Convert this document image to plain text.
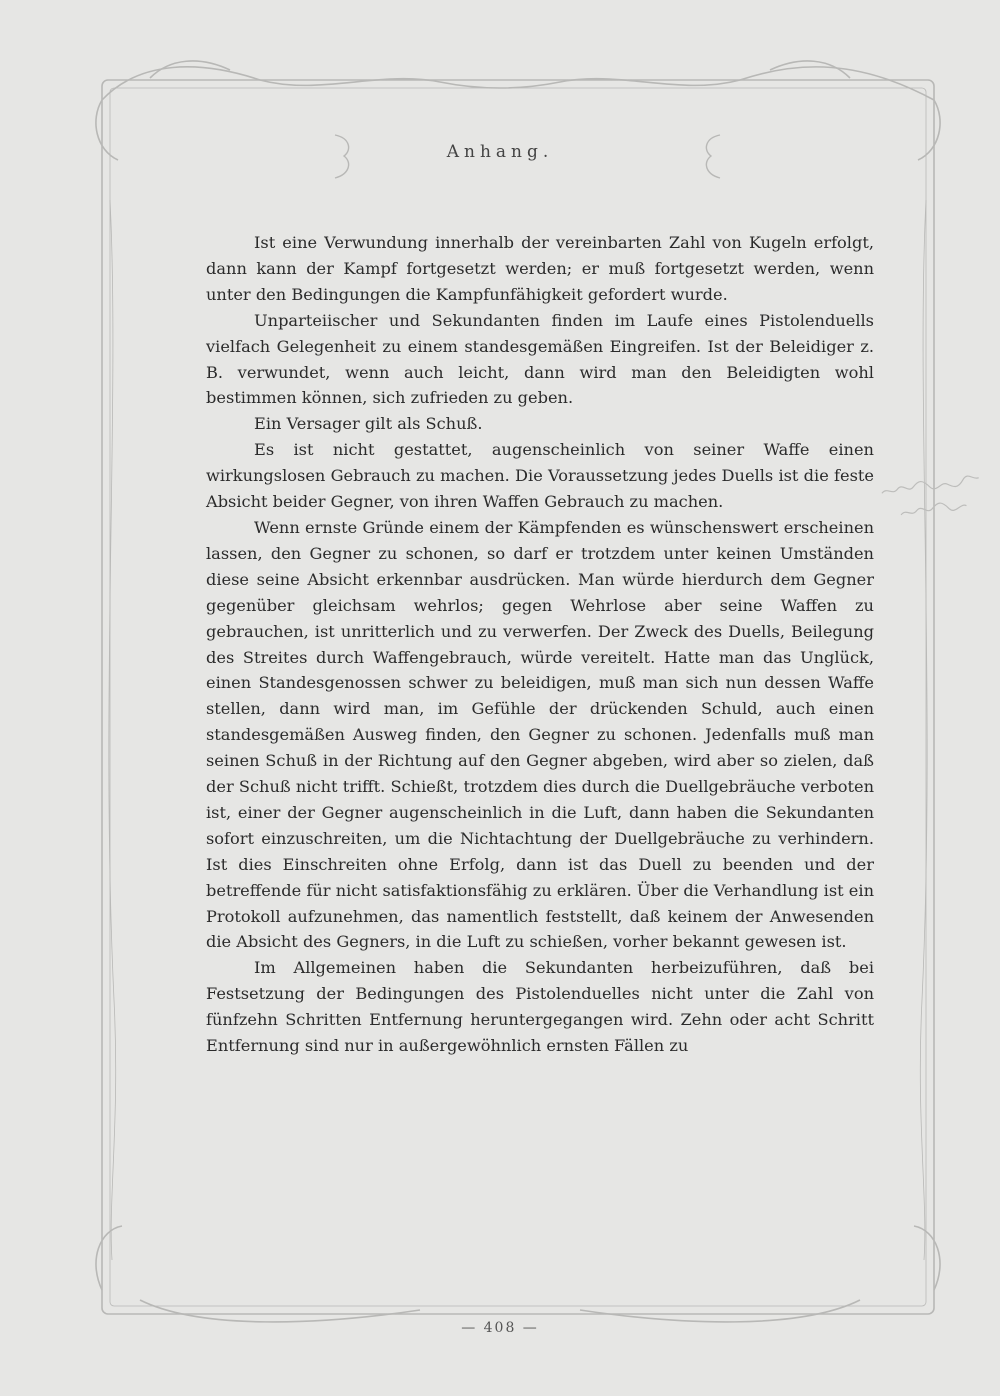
Anhang.

Ist eine Verwundung innerhalb der vereinbarten Zahl von Kugeln erfolgt, dann kann der Kampf fortgesetzt werden; er muß fortgesetzt werden, wenn unter den Bedingungen die Kampfunfähigkeit gefordert wurde.

Unparteiischer und Sekundanten finden im Laufe eines Pistolenduells vielfach Gelegenheit zu einem standesgemäßen Eingreifen. Ist der Beleidiger z. B. verwundet, wenn auch leicht, dann wird man den Beleidigten wohl bestimmen können, sich zufrieden zu geben.

Ein Versager gilt als Schuß.

Es ist nicht gestattet, augenscheinlich von seiner Waffe einen wirkungslosen Gebrauch zu machen. Die Voraussetzung jedes Duells ist die feste Absicht beider Gegner, von ihren Waffen Gebrauch zu machen.

Wenn ernste Gründe einem der Kämpfenden es wünschenswert erscheinen lassen, den Gegner zu schonen, so darf er trotzdem unter keinen Umständen diese seine Absicht erkennbar ausdrücken. Man würde hierdurch dem Gegner gegenüber gleichsam wehrlos; gegen Wehrlose aber seine Waffen zu gebrauchen, ist unritterlich und zu verwerfen. Der Zweck des Duells, Beilegung des Streites durch Waffengebrauch, würde vereitelt. Hatte man das Unglück, einen Standesgenossen schwer zu beleidigen, muß man sich nun dessen Waffe stellen, dann wird man, im Gefühle der drückenden Schuld, auch einen standesgemäßen Ausweg finden, den Gegner zu schonen. Jedenfalls muß man seinen Schuß in der Richtung auf den Gegner abgeben, wird aber so zielen, daß der Schuß nicht trifft. Schießt, trotzdem dies durch die Duellgebräuche verboten ist, einer der Gegner augenscheinlich in die Luft, dann haben die Sekundanten sofort einzuschreiten, um die Nichtachtung der Duellgebräuche zu verhindern. Ist dies Einschreiten ohne Erfolg, dann ist das Duell zu beenden und der betreffende für nicht satisfaktionsfähig zu erklären. Über die Verhandlung ist ein Protokoll aufzunehmen, das namentlich feststellt, daß keinem der Anwesenden die Absicht des Gegners, in die Luft zu schießen, vorher bekannt gewesen ist.

Im Allgemeinen haben die Sekundanten herbeizuführen, daß bei Festsetzung der Bedingungen des Pistolenduelles nicht unter die Zahl von fünfzehn Schritten Entfernung heruntergegangen wird. Zehn oder acht Schritt Entfernung sind nur in außergewöhnlich ernsten Fällen zu

— 408 —
